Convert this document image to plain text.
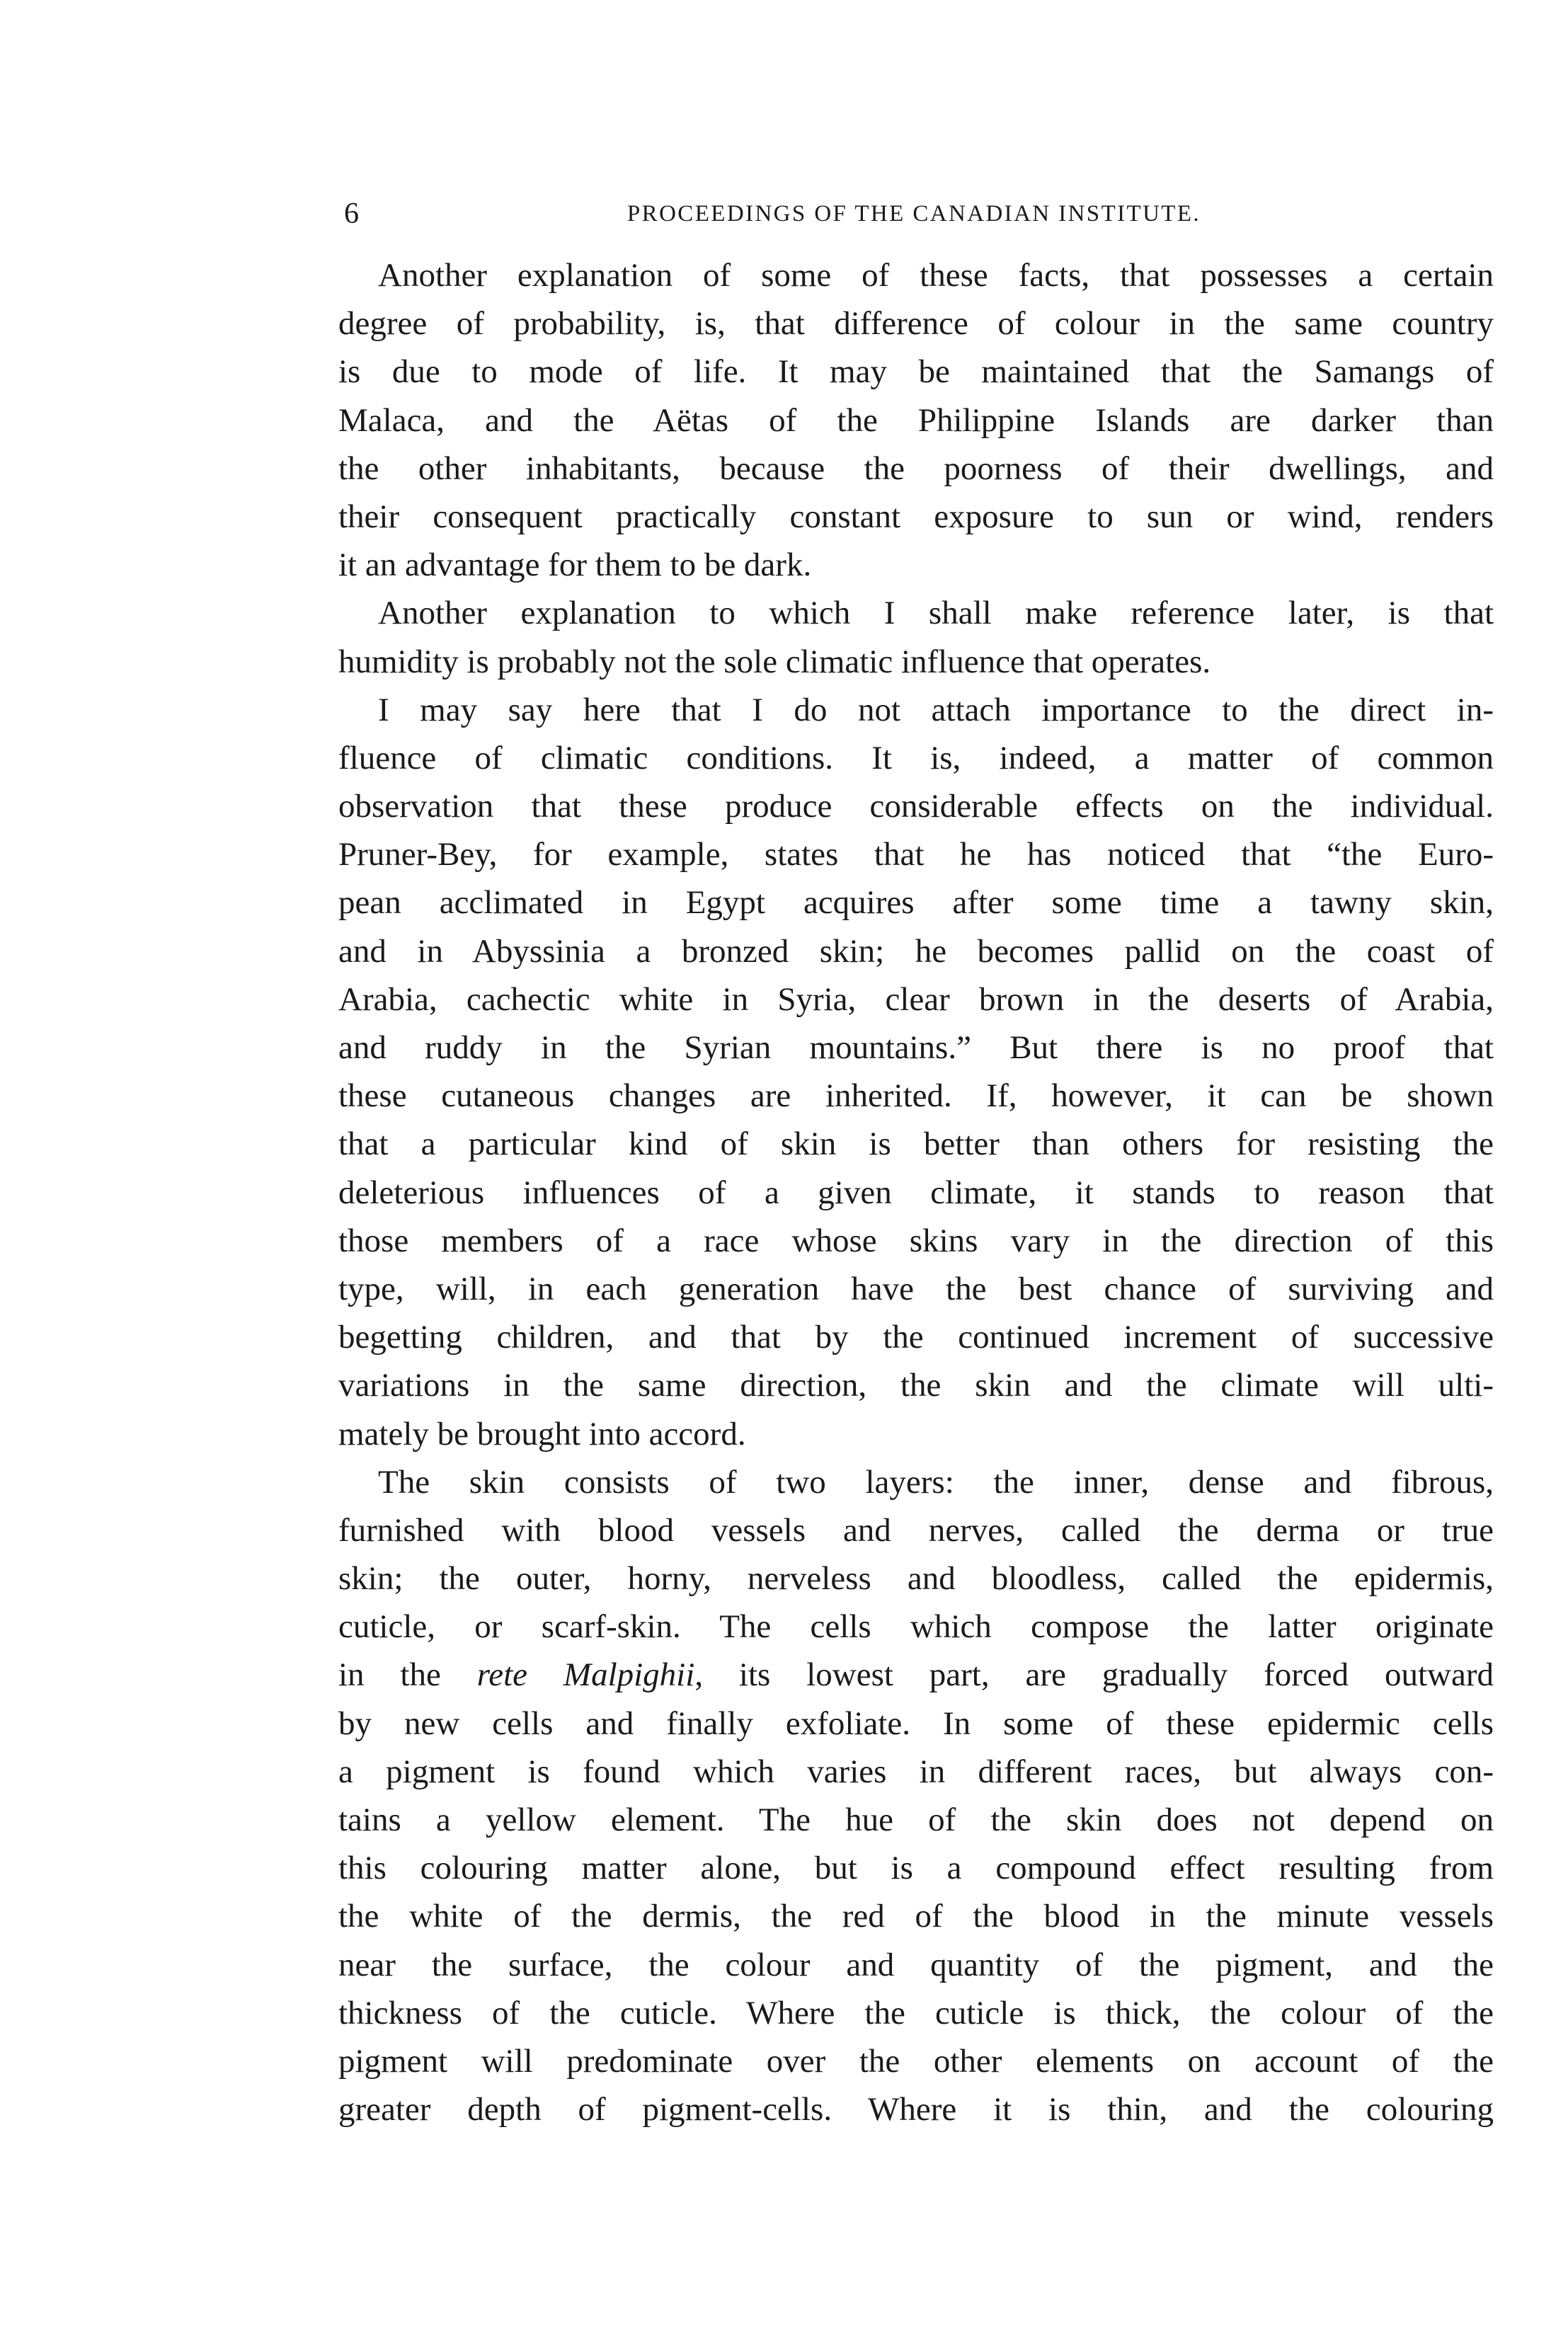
6	PROCEEDINGS OF THE CANADIAN INSTITUTE.
Another explanation of some of these facts, that possesses a certain
degree of probability, is, that difference of colour in the same country
is due to mode of life. It may be maintained that the Samangs of
Malaca, and the Aëtas of the Philippine Islands are darker than
the other inhabitants, because the poorness of their dwellings, and
their consequent practically constant exposure to sun or wind, renders
it an advantage for them to be dark.
Another explanation to which I shall make reference later, is that
humidity is probably not the sole climatic influence that operates.
I may say here that I do not attach importance to the direct in-
fluence of climatic conditions. It is, indeed, a matter of common
observation that these produce considerable effects on the individual.
Pruner-Bey, for example, states that he has noticed that “the Euro-
pean acclimated in Egypt acquires after some time a tawny skin,
and in Abyssinia a bronzed skin; he becomes pallid on the coast of
Arabia, cachectic white in Syria, clear brown in the deserts of Arabia,
and ruddy in the Syrian mountains.” But there is no proof that
these cutaneous changes are inherited. If, however, it can be shown
that a particular kind of skin is better than others for resisting the
deleterious influences of a given climate, it stands to reason that
those members of a race whose skins vary in the direction of this
type, will, in each generation have the best chance of surviving and
begetting children, and that by the continued increment of successive
variations in the same direction, the skin and the climate will ulti-
mately be brought into accord.
The skin consists of two layers: the inner, dense and fibrous,
furnished with blood vessels and nerves, called the derma or true
skin; the outer, horny, nerveless and bloodless, called the epidermis,
cuticle, or scarf-skin. The cells which compose the latter originate
in the rete Malpighii, its lowest part, are gradually forced outward
by new cells and finally exfoliate. In some of these epidermic cells
a pigment is found which varies in different races, but always con-
tains a yellow element. The hue of the skin does not depend on
this colouring matter alone, but is a compound effect resulting from
the white of the dermis, the red of the blood in the minute vessels
near the surface, the colour and quantity of the pigment, and the
thickness of the cuticle. Where the cuticle is thick, the colour of the
pigment will predominate over the other elements on account of the
greater depth of pigment-cells. Where it is thin, and the colouring
